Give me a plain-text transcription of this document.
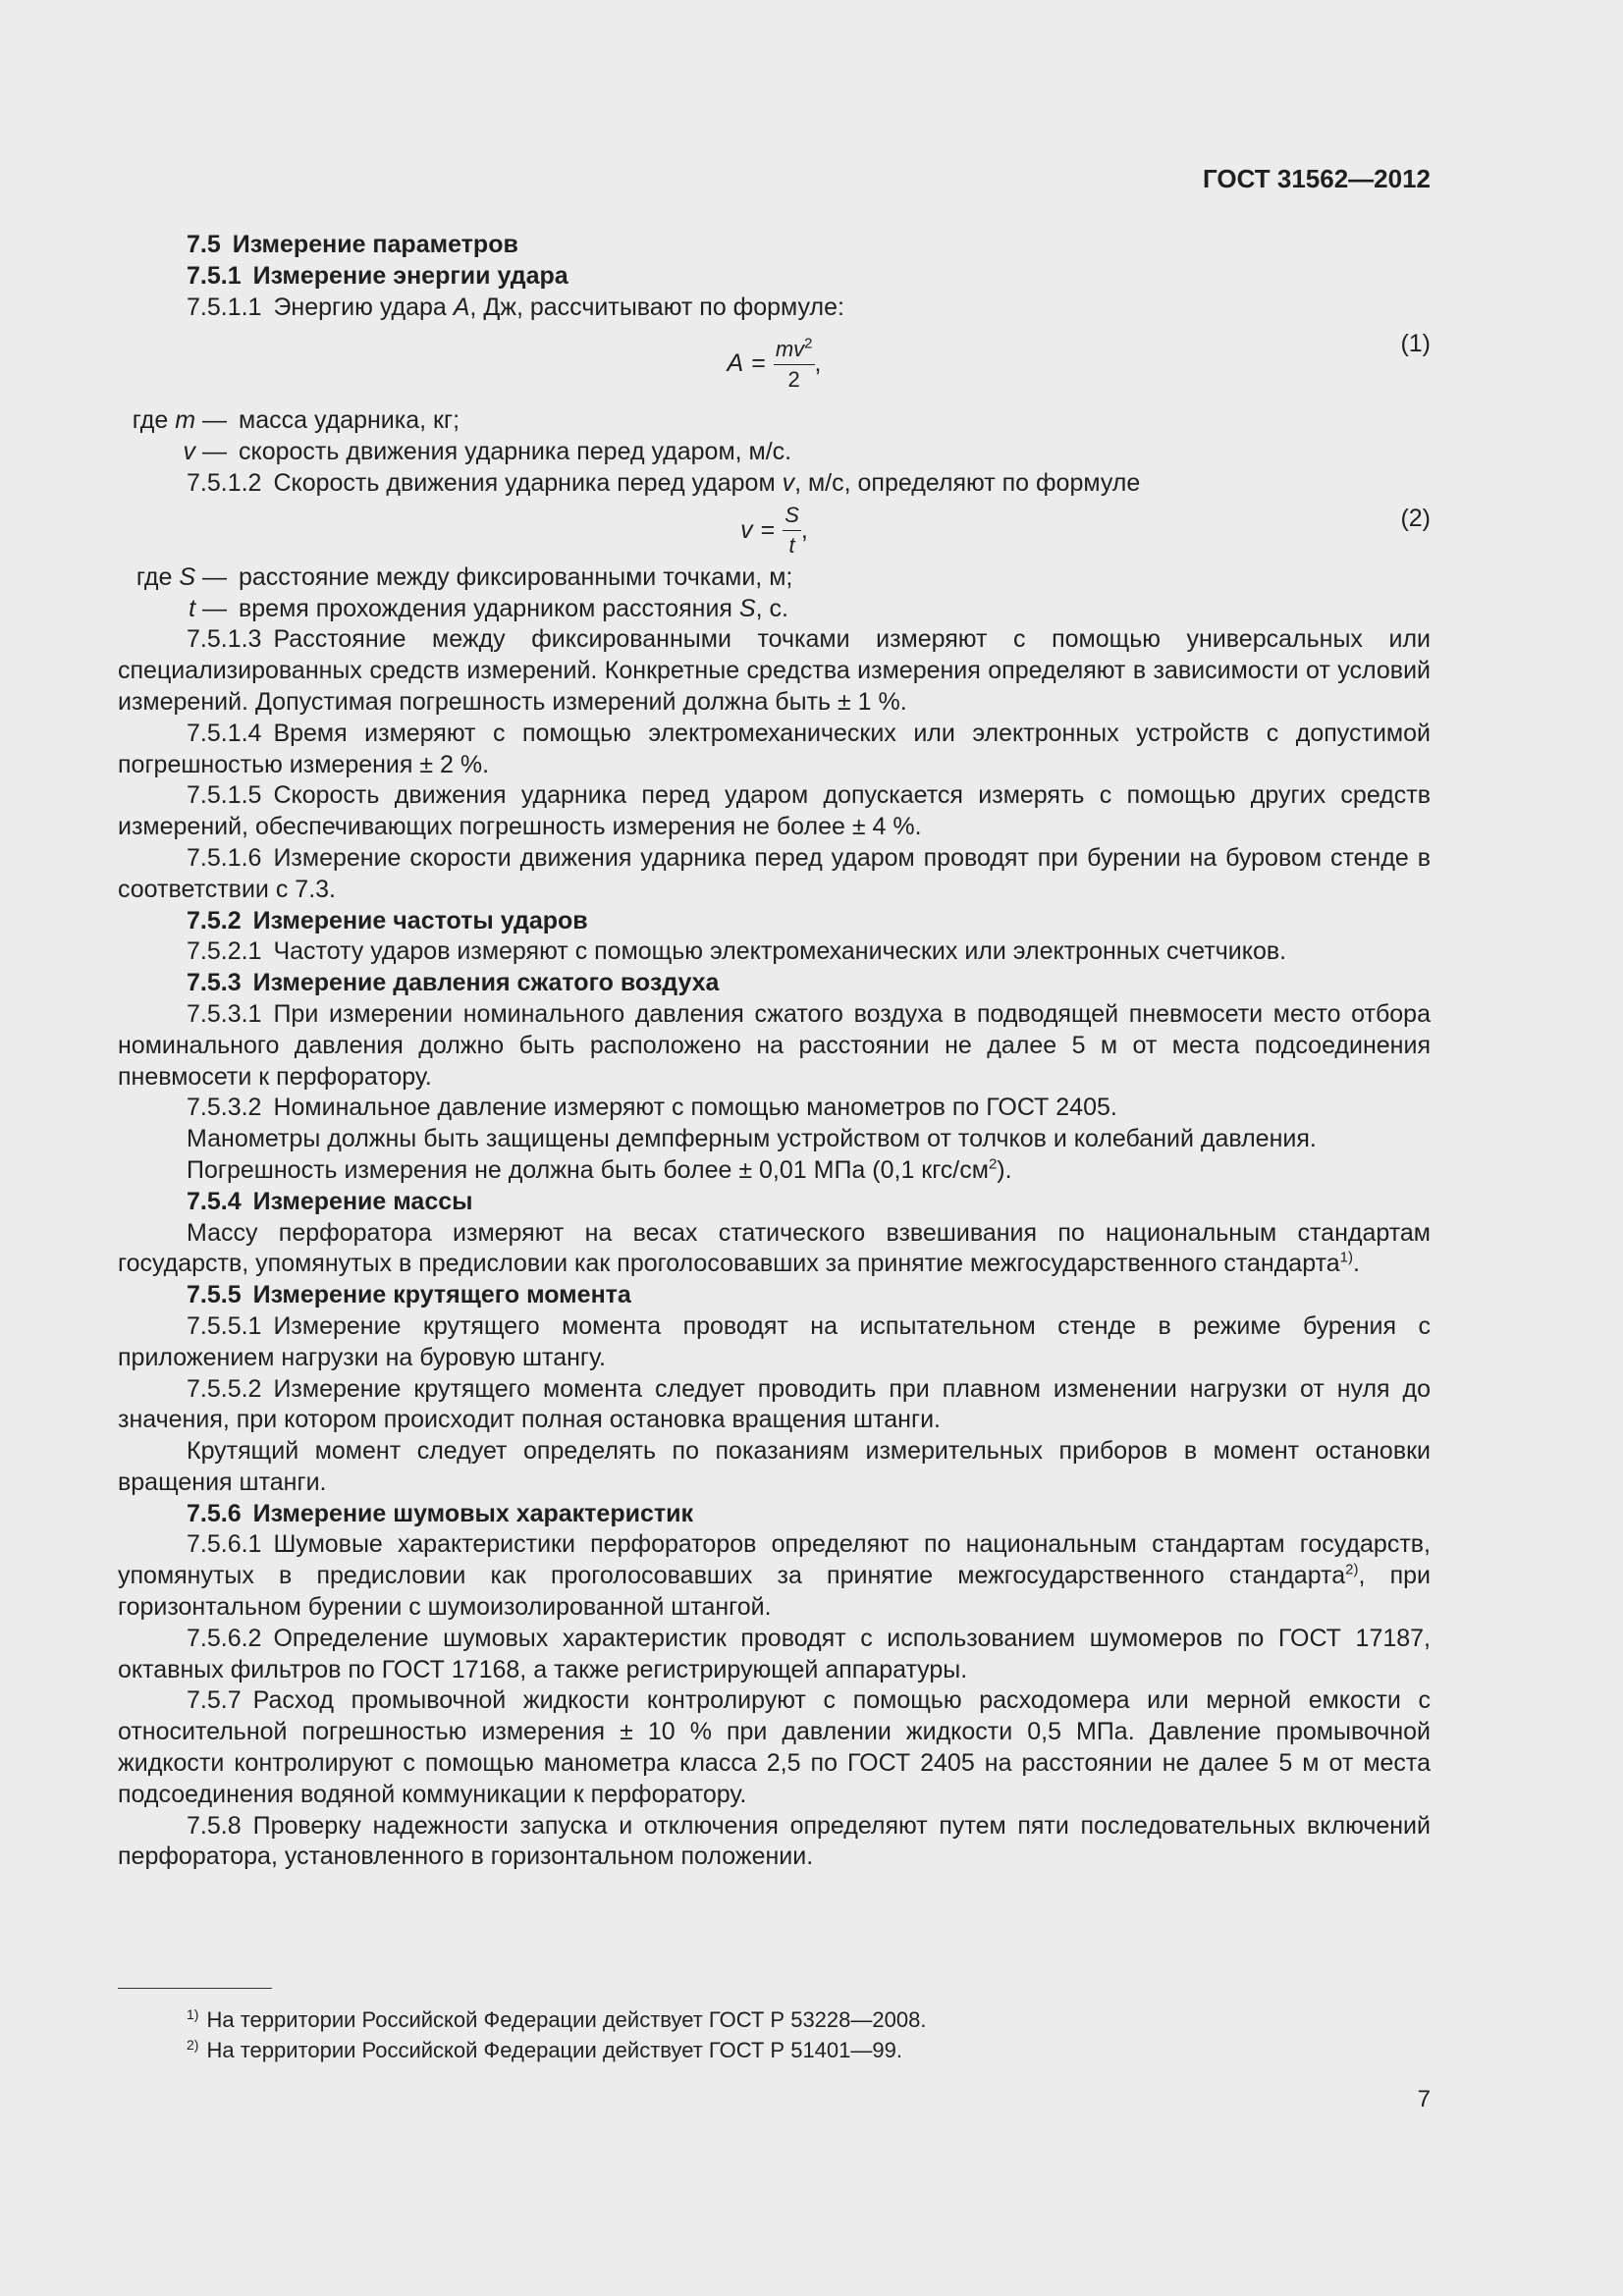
ГОСТ 31562—2012

7.5 Измерение параметров

7.5.1 Измерение энергии удара

7.5.1.1 Энергию удара A, Дж, рассчитывают по формуле:

$A = \frac{mv^2}{2}$ ,
(1)
где m — масса ударника, кг;
v — скорость движения ударника перед ударом, м/с.

7.5.1.2 Скорость движения ударника перед ударом v, м/с, определяют по формуле

$v = \frac{S}{t}$ ,	(2)
где S — расстояние между фиксированными точками, м;
t — время прохождения ударником расстояния S, с.

7.5.1.3 Расстояние между фиксированными точками измеряют с помощью универсальных или специализированных средств измерений. Конкретные средства измерения определяют в зависимости от условий измерений. Допустимая погрешность измерений должна быть ± 1 %.

7.5.1.4 Время измеряют с помощью электромеханических или электронных устройств с допустимой погрешностью измерения ± 2 %.

7.5.1.5 Скорость движения ударника перед ударом допускается измерять с помощью других средств измерений, обеспечивающих погрешность измерения не более ± 4 %.

7.5.1.6 Измерение скорости движения ударника перед ударом проводят при бурении на буровом стенде в соответствии с 7.3.

7.5.2 Измерение частоты ударов

7.5.2.1 Частоту ударов измеряют с помощью электромеханических или электронных счетчиков.

7.5.3 Измерение давления сжатого воздуха

7.5.3.1 При измерении номинального давления сжатого воздуха в подводящей пневмосети место отбора номинального давления должно быть расположено на расстоянии не далее 5 м от места подсоединения пневмосети к перфоратору.

7.5.3.2 Номинальное давление измеряют с помощью манометров по ГОСТ 2405.

Манометры должны быть защищены демпферным устройством от толчков и колебаний давления.

Погрешность измерения не должна быть более ± 0,01 МПа (0,1 кгс/$см^2$).

7.5.4 Измерение массы

Массу перфоратора измеряют на весах статического взвешивания по национальным стандартам государств, упомянутых в предисловии как проголосовавших за принятие межгосударственного стандарта$^{1)}$.

7.5.5 Измерение крутящего момента

7.5.5.1 Измерение крутящего момента проводят на испытательном стенде в режиме бурения с приложением нагрузки на буровую штангу.

7.5.5.2 Измерение крутящего момента следует проводить при плавном изменении нагрузки от нуля до значения, при котором происходит полная остановка вращения штанги.

Крутящий момент следует определять по показаниям измерительных приборов в момент остановки вращения штанги.

7.5.6 Измерение шумовых характеристик

7.5.6.1 Шумовые характеристики перфораторов определяют по национальным стандартам государств, упомянутых в предисловии как проголосовавших за принятие межгосударственного стандарта$^{2)}$, при горизонтальном бурении с шумоизолированной штангой.

7.5.6.2 Определение шумовых характеристик проводят с использованием шумомеров по ГОСТ 17187, октавных фильтров по ГОСТ 17168, а также регистрирующей аппаратуры.

7.5.7 Расход промывочной жидкости контролируют с помощью расходомера или мерной емкости с относительной погрешностью измерения ± 10 % при давлении жидкости 0,5 МПа. Давление промывочной жидкости контролируют с помощью манометра класса 2,5 по ГОСТ 2405 на расстоянии не далее 5 м от места подсоединения водяной коммуникации к перфоратору.

7.5.8 Проверку надежности запуска и отключения определяют путем пяти последовательных включений перфоратора, установленного в горизонтальном положении.

$^{1)}$ На территории Российской Федерации действует ГОСТ Р 53228—2008.

$^{2)}$ На территории Российской Федерации действует ГОСТ Р 51401—99.

7
